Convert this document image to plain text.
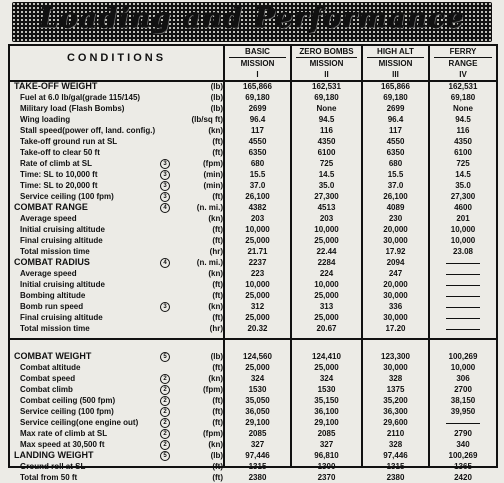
Loading and Performance
CONDITIONS
BASIC
MISSION
I
ZERO BOMBS
MISSION
II
HIGH ALT
MISSION
III
FERRY
RANGE
IV
TAKE-OFF WEIGHT	(lb)	165,866	162,531	165,866	162,531
Fuel at 6.0 lb/gal(grade 115/145)	(lb)	69,180	69,180	69,180	69,180
Military load (Flash Bombs)	(lb)	2699	None	2699	None
Wing loading	(lb/sq ft)	96.4	94.5	96.4	94.5
Stall speed(power off, land. config.)	(kn)	117	116	117	116
Take-off ground run at SL	(ft)	4550	4350	4550	4350
Take-off to clear 50 ft	(ft)	6350	6100	6350	6100
Rate of climb at SL	3	(fpm)	680	725	680	725
Time: SL to 10,000 ft	3	(min)	15.5	14.5	15.5	14.5
Time: SL to 20,000 ft	3	(min)	37.0	35.0	37.0	35.0
Service ceiling (100 fpm)	3	(ft)	26,100	27,300	26,100	27,300
COMBAT RANGE	4	(n. mi.)	4382	4513	4089	4600
Average speed	(kn)	203	203	230	201
Initial cruising altitude	(ft)	10,000	10,000	20,000	10,000
Final cruising altitude	(ft)	25,000	25,000	30,000	10,000
Total mission time	(hr)	21.71	22.44	17.92	23.08
COMBAT RADIUS	4	(n. mi.)	2237	2284	2094
Average speed	(kn)	223	224	247
Initial cruising altitude	(ft)	10,000	10,000	20,000
Bombing altitude	(ft)	25,000	25,000	30,000
Bomb run speed	3	(kn)	312	313	336
Final cruising altitude	(ft)	25,000	25,000	30,000
Total mission time	(hr)	20.32	20.67	17.20
COMBAT WEIGHT	5	(lb)	124,560	124,410	123,300	100,269
Combat altitude	(ft)	25,000	25,000	30,000	10,000
Combat speed	2	(kn)	324	324	328	306
Combat climb	2	(fpm)	1530	1530	1375	2700
Combat ceiling (500 fpm)	2	(ft)	35,050	35,150	35,200	38,150
Service ceiling (100 fpm)	2	(ft)	36,050	36,100	36,300	39,950
Service ceiling(one engine out)	2	(ft)	29,100	29,100	29,600
Max rate of climb at SL	2	(fpm)	2085	2085	2110	2790
Max speed at 30,500 ft	2	(kn)	327	327	328	340
LANDING WEIGHT	5	(lb)	97,446	96,810	97,446	100,269
Ground roll at SL	(ft)	1315	1300	1315	1365
Total from 50 ft	(ft)	2380	2370	2380	2420
